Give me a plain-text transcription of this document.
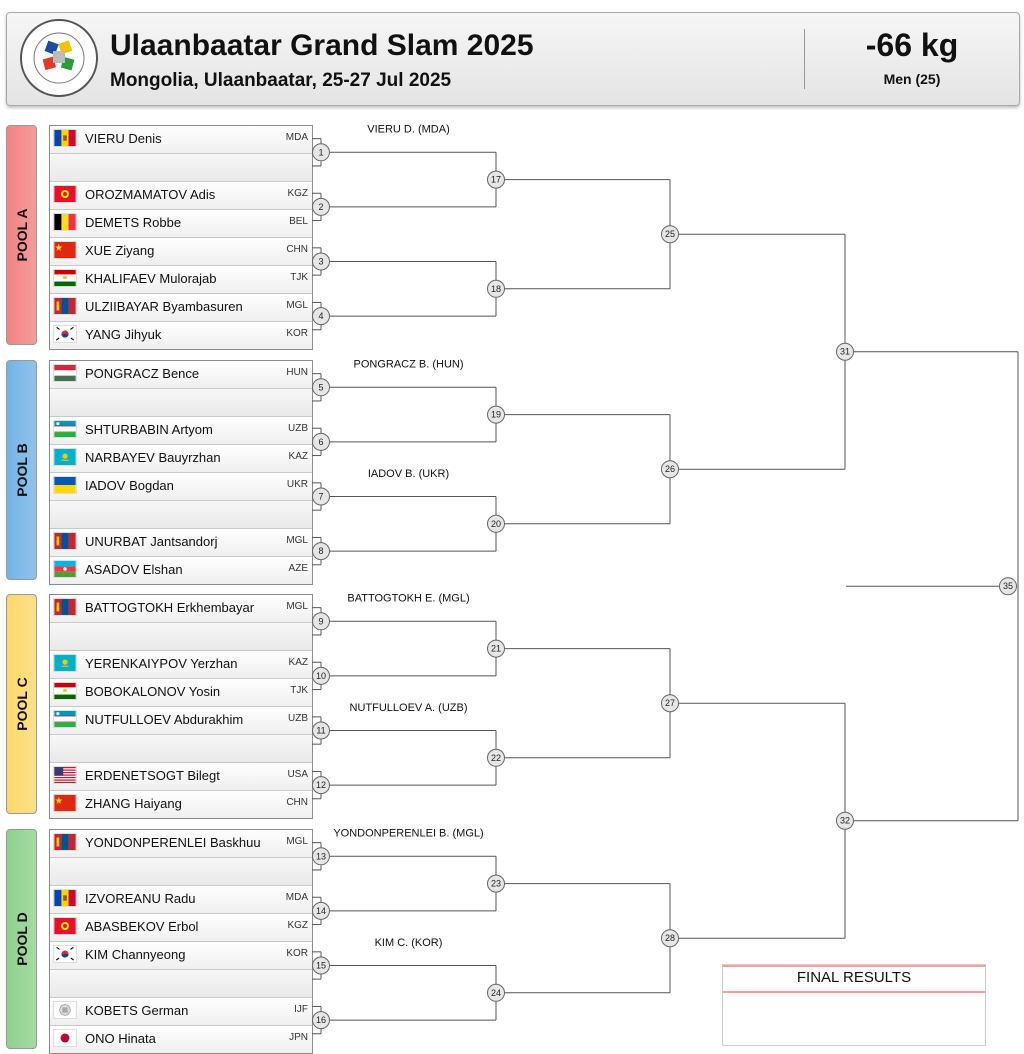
Ulaanbaatar Grand Slam 2025
Mongolia, Ulaanbaatar, 25-27 Jul 2025
-66 kg
Men (25)
POOL A
POOL B
POOL C
POOL D
VIERU Denis	MDA
OROZMAMATOV Adis	KGZ
DEMETS Robbe	BEL
XUE Ziyang	CHN
KHALIFAEV Mulorajab	TJK
ULZIIBAYAR Byambasuren	MGL
YANG Jihyuk	KOR
PONGRACZ Bence	HUN
SHTURBABIN Artyom	UZB
NARBAYEV Bauyrzhan	KAZ
IADOV Bogdan	UKR
UNURBAT Jantsandorj	MGL
ASADOV Elshan	AZE
BATTOGTOKH Erkhembayar	MGL
YERENKAIYPOV Yerzhan	KAZ
BOBOKALONOV Yosin	TJK
NUTFULLOEV Abdurakhim	UZB
ERDENETSOGT Bilegt	USA
ZHANG Haiyang	CHN
YONDONPERENLEI Baskhuu	MGL
IZVOREANU Radu	MDA
ABASBEKOV Erbol	KGZ
KIM Channyeong	KOR
KOBETS German	IJF
ONO Hinata	JPN
1
2
3
4
5
6
7
8
9
10
11
12
13
14
15
16
17
18
19
20
21
22
23
24
25
26
27
28
31
32
35
VIERU D. (MDA)
PONGRACZ B. (HUN)
IADOV B. (UKR)
BATTOGTOKH E. (MGL)
NUTFULLOEV A. (UZB)
YONDONPERENLEI B. (MGL)
KIM C. (KOR)
FINAL RESULTS
